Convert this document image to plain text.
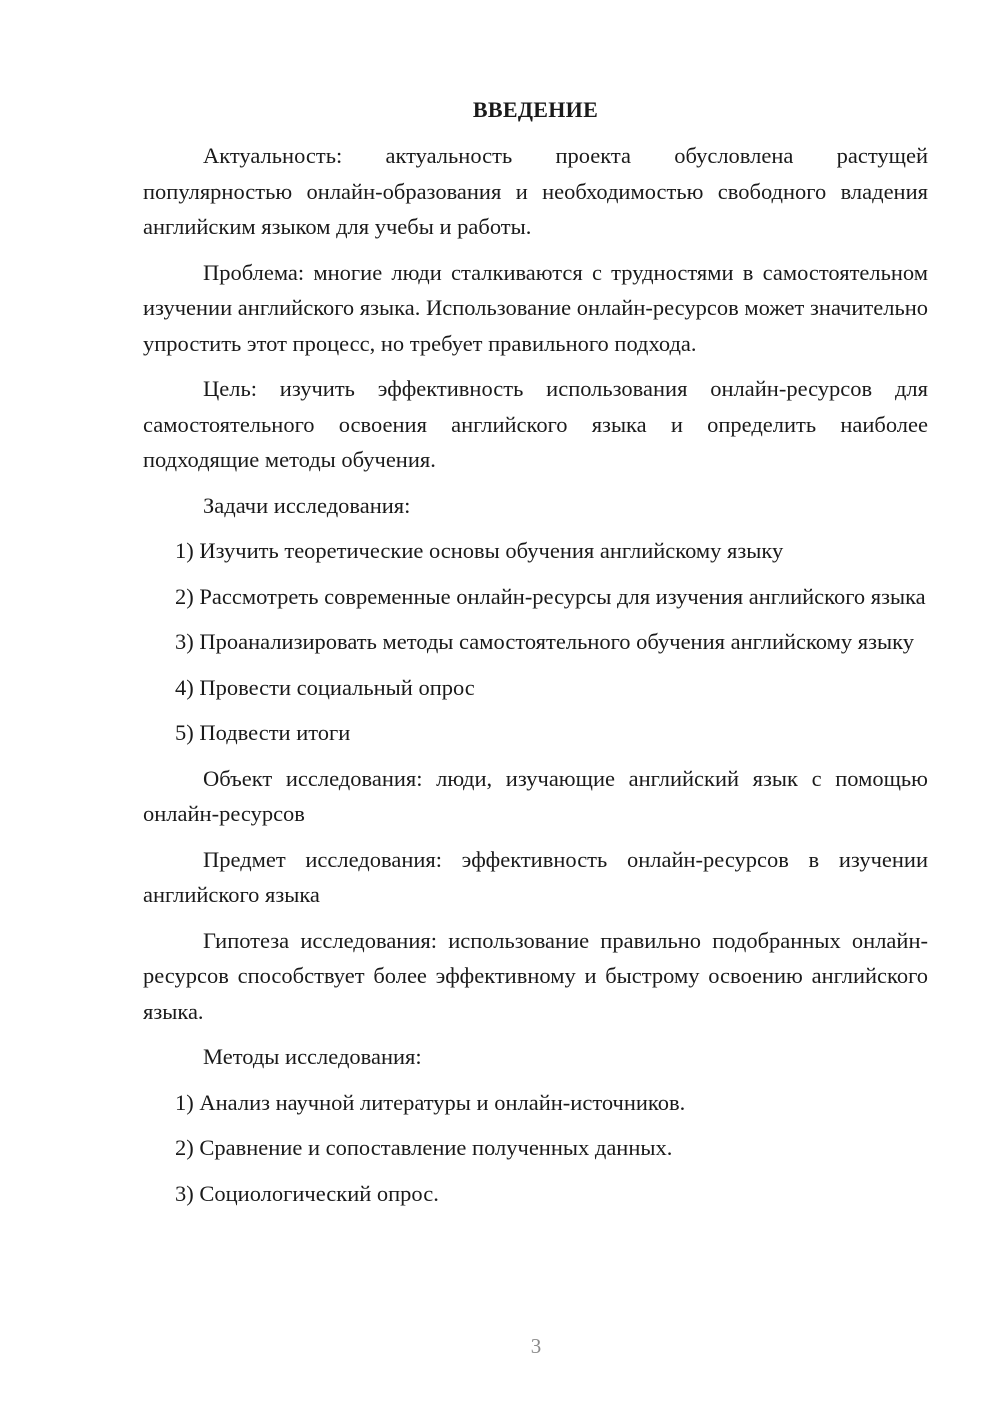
ВВЕДЕНИЕ
Актуальность: актуальность проекта обусловлена растущей популярностью онлайн-образования и необходимостью свободного владения английским языком для учебы и работы.
Проблема: многие люди сталкиваются с трудностями в самостоятельном изучении английского языка. Использование онлайн-ресурсов может значительно упростить этот процесс, но требует правильного подхода.
Цель: изучить эффективность использования онлайн-ресурсов для самостоятельного освоения английского языка и определить наиболее подходящие методы обучения.
Задачи исследования:
1) Изучить теоретические основы обучения английскому языку
2) Рассмотреть современные онлайн-ресурсы для изучения английского языка
3) Проанализировать методы самостоятельного обучения английскому языку
4) Провести социальный опрос
5) Подвести итоги
Объект исследования: люди, изучающие английский язык с помощью онлайн-ресурсов
Предмет исследования: эффективность онлайн-ресурсов в изучении английского языка
Гипотеза исследования: использование правильно подобранных онлайн-ресурсов способствует более эффективному и быстрому освоению английского языка.
Методы исследования:
1) Анализ научной литературы и онлайн-источников.
2) Сравнение и сопоставление полученных данных.
3) Социологический опрос.
3
